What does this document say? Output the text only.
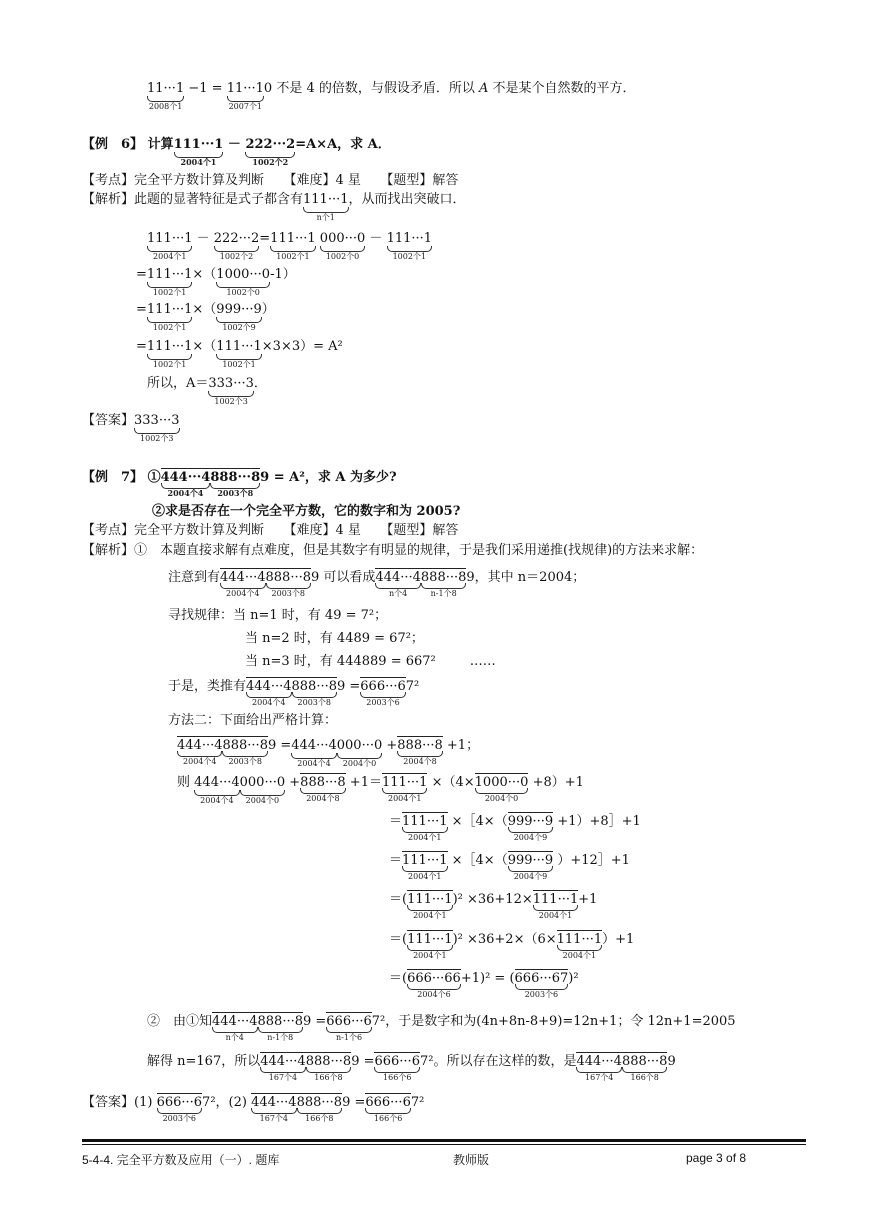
11···1
2008个1
−1 = 11···1
2007个1
0 不是 4 的倍数，与假设矛盾．所以 A 不是某个自然数的平方．
【例　6】 计算111···1
2004个1
－ 222···2
1002个2
=A×A，求 A．
【考点】完全平方数计算及判断　　【难度】4 星　　【题型】解答
【解析】此题的显著特征是式子都含有111···1
n个1
，从而找出突破口．
111···1
2004个1
－ 222···2
1002个2
=111···1
1002个1
000···0
1002个0
－ 111···1
1002个1
=111···1
1002个1
×（1000···0
1002个0
-1）
=111···1
1002个1
×（999···9
1002个9
）
=111···1
1002个1
×（111···1
1002个1
×3×3）= A²
所以，A＝333···3
1002个3
．
【答案】333···3
1002个3
【例　7】 ①444···4
2004个4
888···8
2003个8
9 = A²，求 A 为多少?
②求是否存在一个完全平方数，它的数字和为 2005?
【考点】完全平方数计算及判断　　【难度】4 星　　【题型】解答
【解析】①　本题直接求解有点难度，但是其数字有明显的规律，于是我们采用递推(找规律)的方法来求解：
注意到有444···4
2004个4
888···8
2003个8
9 可以看成444···4
n个4
888···8
n-1个8
9，其中 n＝2004；
寻找规律：当 n=1 时，有 49 = 7²；
当 n=2 时，有 4489 = 67²；
当 n=3 时，有 444889 = 667²	……
于是，类推有444···4
2004个4
888···8
2003个8
9 =666···6
2003个6
7²
方法二：下面给出严格计算：
444···4
2004个4
888···8
2003个8
9 =444···4
2004个4
000···0
2004个0
+888···8
2004个8
+1；
则 444···4
2004个4
000···0
2004个0
+888···8
2004个8
+1＝111···1
2004个1
×（4×1000···0
2004个0
+8）+1
＝111···1
2004个1
×［4×（999···9
2004个9
+1）+8］+1
＝111···1
2004个1
×［4×（999···9
2004个9
）+12］+1
＝(111···1
2004个1
)² ×36+12×111···1
2004个1
+1
＝(111···1
2004个1
)² ×36+2×（6×111···1
2004个1
）+1
＝(666···66
2004个6
+1)² = (666···67
2003个6
)²
②　由①知444···4
n个4
888···8
n-1个8
9 =666···6
n-1个6
7²，于是数字和为(4n+8n-8+9)=12n+1；令 12n+1=2005
解得 n=167，所以444···4
167个4
888···8
166个8
9 =666···6
166个6
7²。所以存在这样的数，是444···4
167个4
888···8
166个8
9
【答案】(1) 666···6
2003个6
7²，(2) 444···4
167个4
888···8
166个8
9 =666···6
166个6
7²
5-4-4. 完全平方数及应用（一）. 题库	教师版	page 3 of 8
